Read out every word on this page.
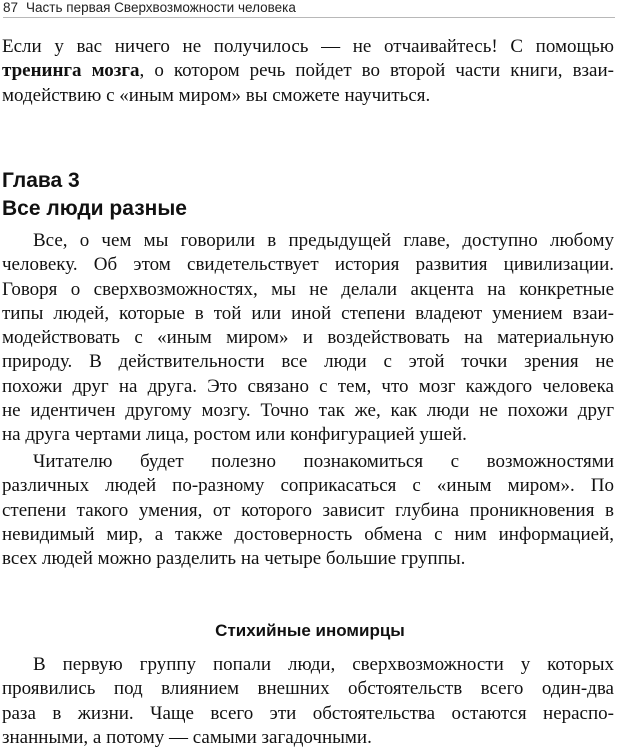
87 Часть первая Сверхвозможности человека
Если у вас ничего не получилось — не отчаивайтесь! С помощью
тренинга мозга, о котором речь пойдет во второй части книги, взаи-
модействию с «иным миром» вы сможете научиться.
Глава 3
Все люди разные
Все, о чем мы говорили в предыдущей главе, доступно любому
человеку. Об этом свидетельствует история развития цивилизации.
Говоря о сверхвозможностях, мы не делали акцента на конкретные
типы людей, которые в той или иной степени владеют умением взаи-
модействовать с «иным миром» и воздействовать на материальную
природу. В действительности все люди с этой точки зрения не
похожи друг на друга. Это связано с тем, что мозг каждого человека
не идентичен другому мозгу. Точно так же, как люди не похожи друг
на друга чертами лица, ростом или конфигурацией ушей.
Читателю будет полезно познакомиться с возможностями
различных людей по-разному соприкасаться с «иным миром». По
степени такого умения, от которого зависит глубина проникновения в
невидимый мир, а также достоверность обмена с ним информацией,
всех людей можно разделить на четыре большие группы.
Стихийные иномирцы
В первую группу попали люди, сверхвозможности у которых
проявились под влиянием внешних обстоятельств всего один-два
раза в жизни. Чаще всего эти обстоятельства остаются нераспо-
знанными, а потому — самыми загадочными.
